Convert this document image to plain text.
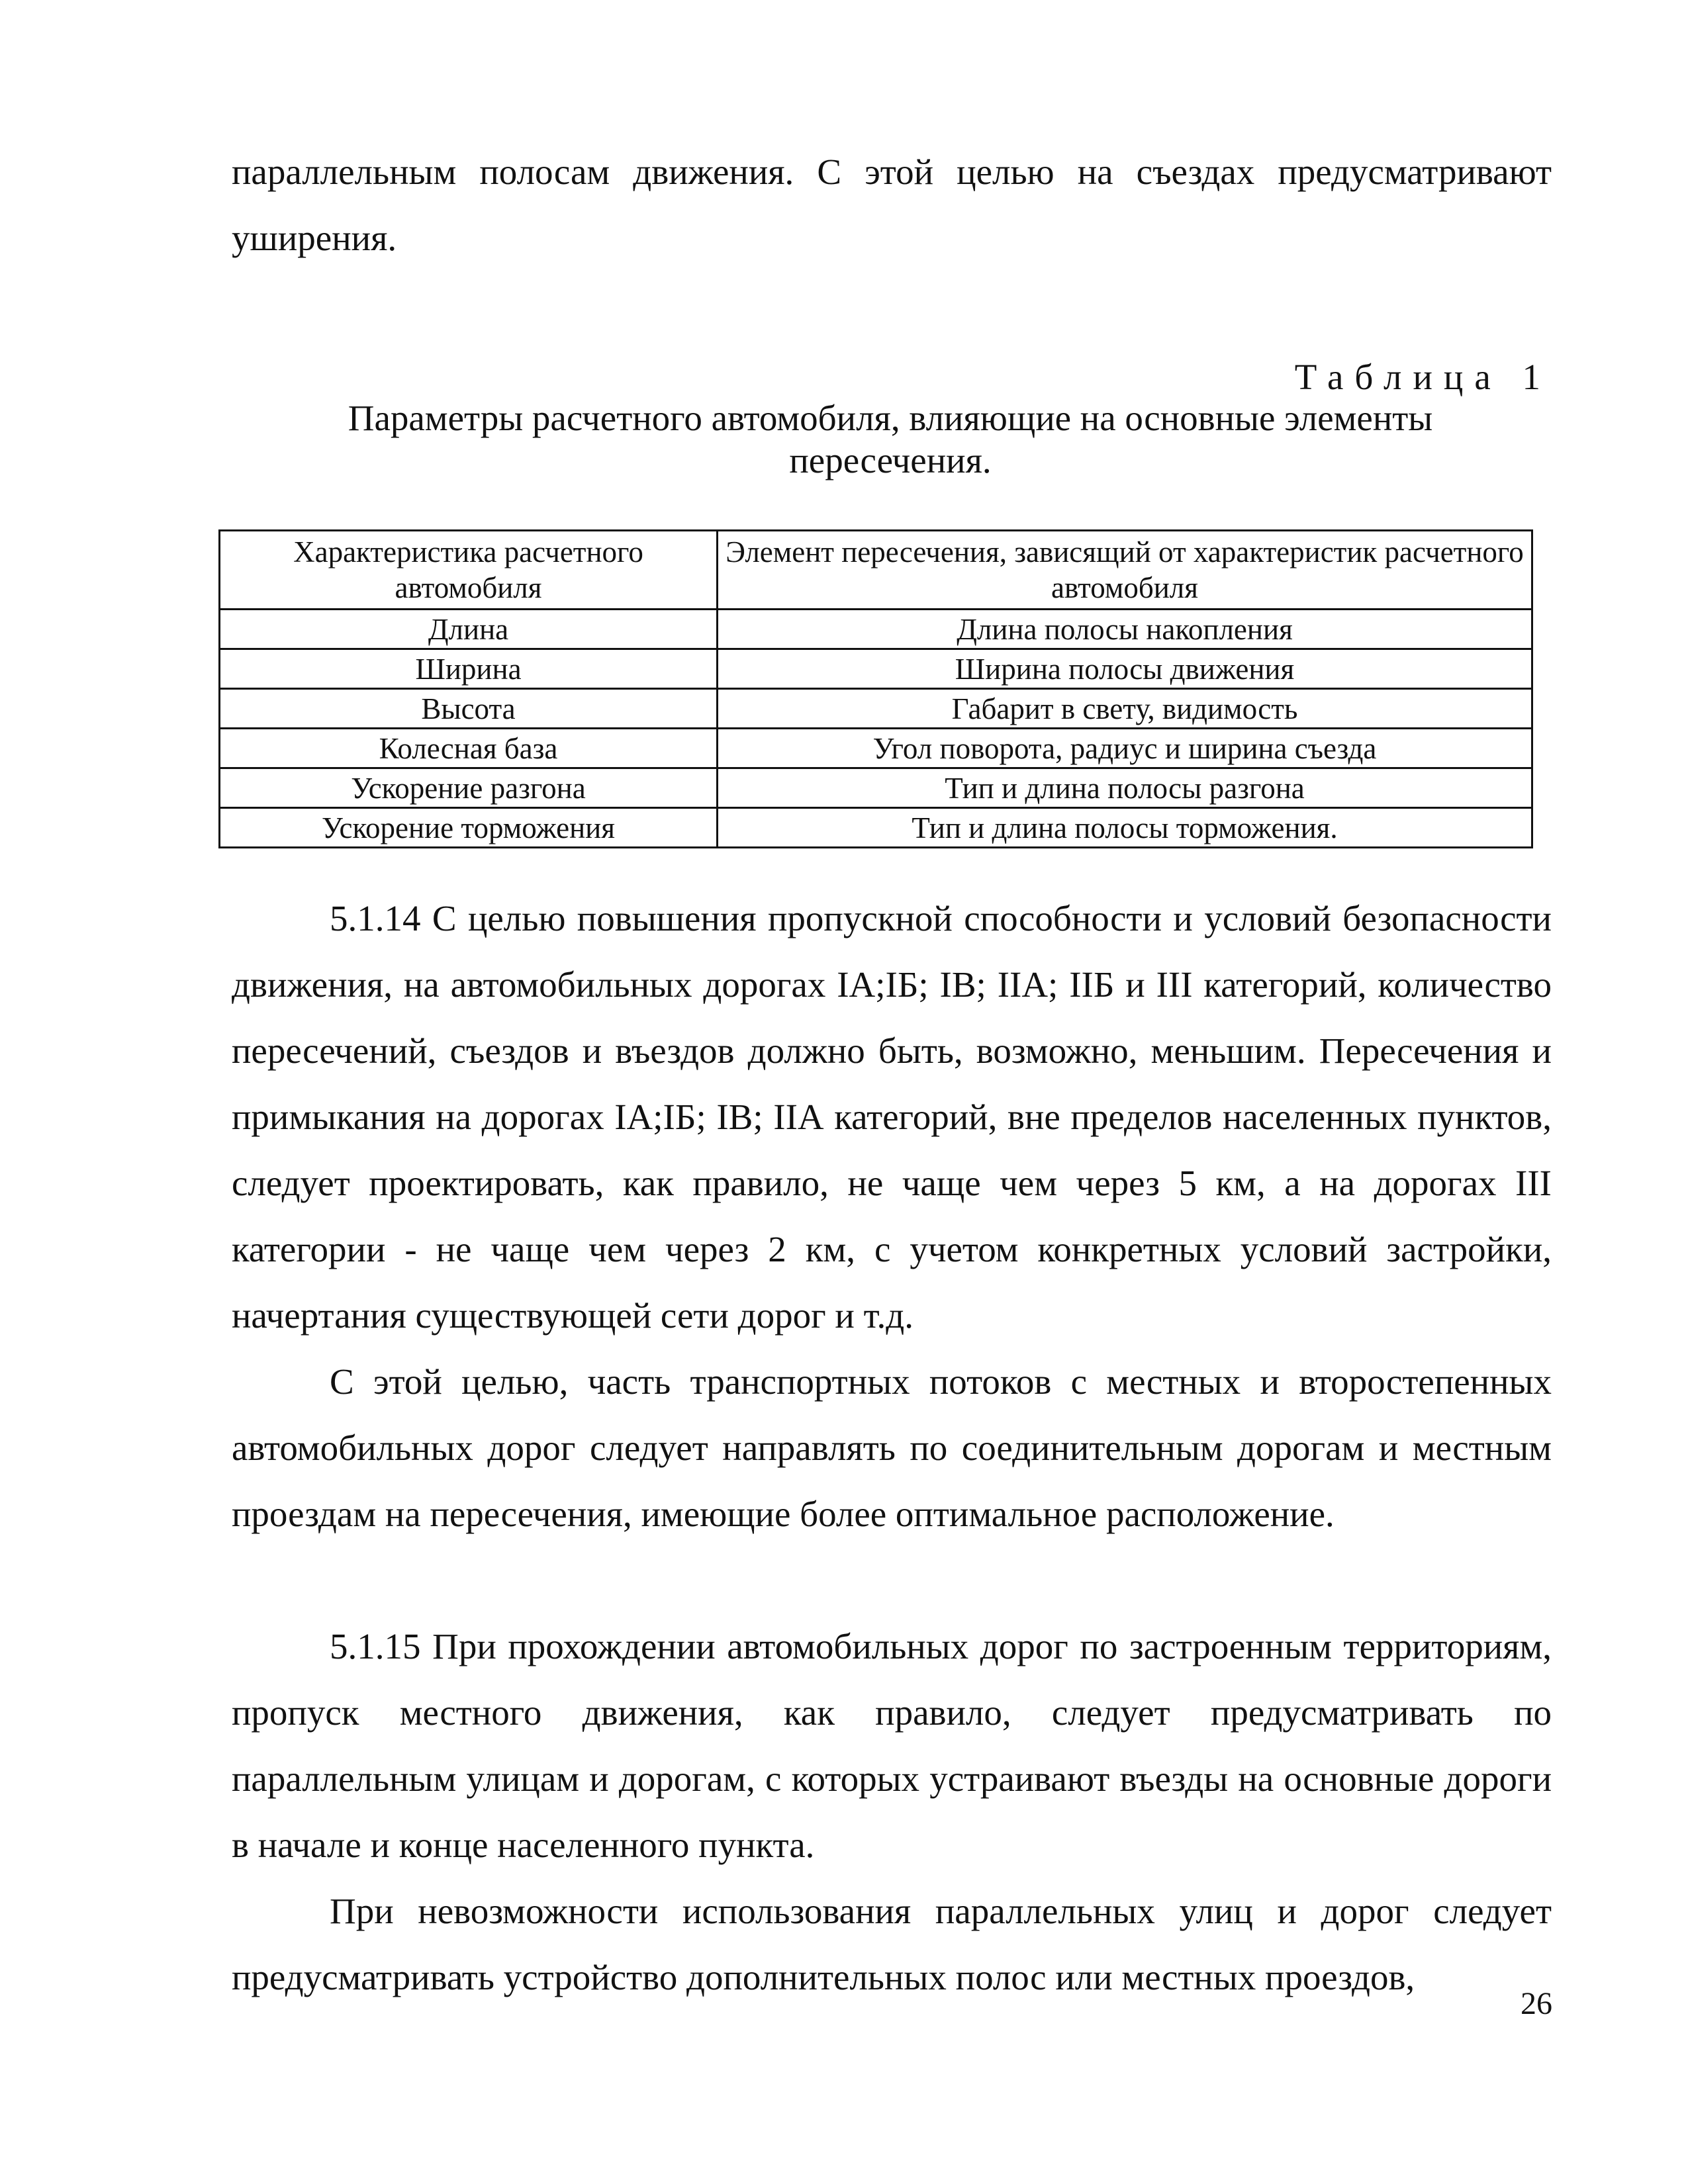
параллельным полосам движения. С этой целью на съездах предусматривают уширения.

Таблица 1

Параметры расчетного автомобиля, влияющие на основные элементы пересечения.

Характеристика расчетного автомобиля	Элемент пересечения, зависящий от характеристик расчетного автомобиля
Длина	Длина полосы накопления
Ширина	Ширина полосы движения
Высота	Габарит в свету, видимость
Колесная база	Угол поворота, радиус и ширина съезда
Ускорение разгона	Тип и длина полосы разгона
Ускорение торможения	Тип и длина полосы торможения.

5.1.14 С целью повышения пропускной способности и условий безопасности движения, на автомобильных дорогах IА;IБ; IВ; IIА; IIБ и III категорий, количество пересечений, съездов и въездов должно быть, возможно, меньшим. Пересечения и примыкания на дорогах IА;IБ; IВ; IIА категорий, вне пределов населенных пунктов, следует проектировать, как правило, не чаще чем через 5 км, а на дорогах III категории - не чаще чем через 2 км, с учетом конкретных условий застройки, начертания существующей сети дорог и т.д.

С этой целью, часть транспортных потоков с местных и второстепенных автомобильных дорог следует направлять по соединительным дорогам и местным проездам на пересечения, имеющие более оптимальное расположение.

5.1.15 При прохождении автомобильных дорог по застроенным территориям, пропуск местного движения, как правило, следует предусматривать по параллельным улицам и дорогам, с которых устраивают въезды на основные дороги в начале и конце населенного пункта.

При невозможности использования параллельных улиц и дорог следует предусматривать устройство дополнительных полос или местных проездов,

26
